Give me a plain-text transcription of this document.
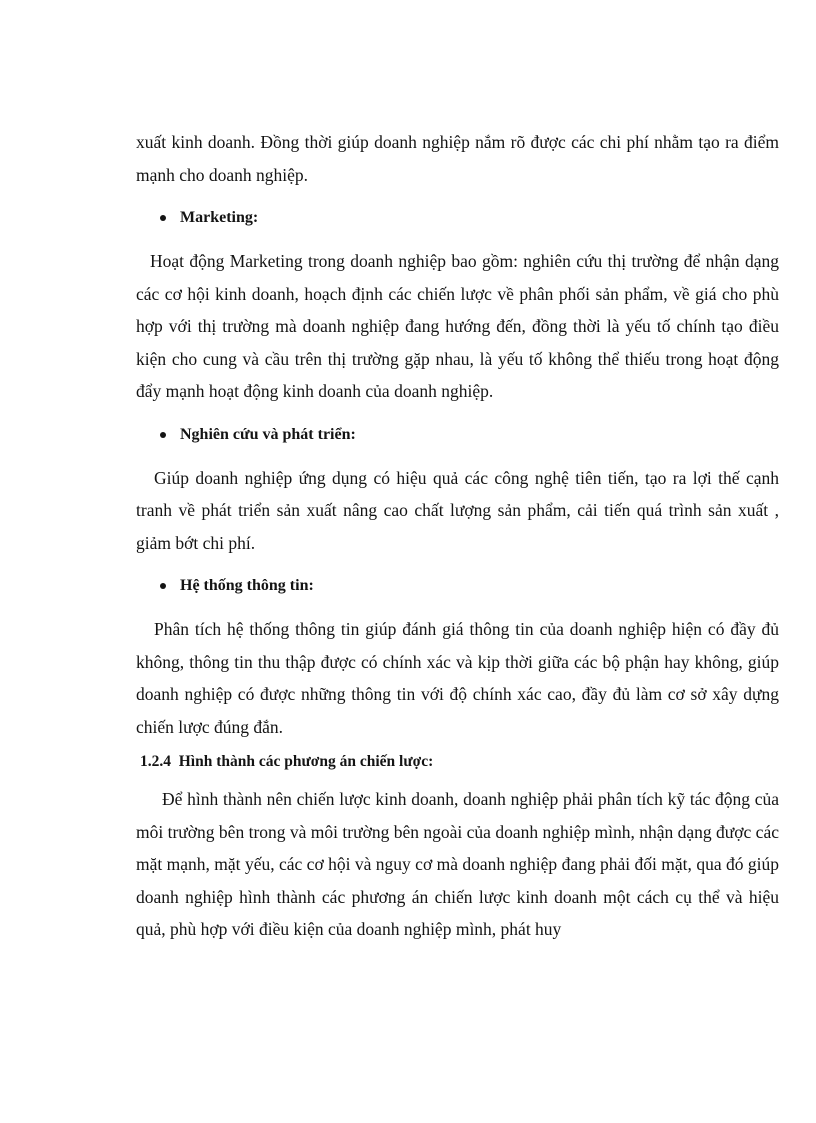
xuất kinh doanh. Đồng thời giúp doanh nghiệp nắm rõ được các chi phí nhằm tạo ra điểm mạnh cho doanh nghiệp.

Marketing:

Hoạt động Marketing trong doanh nghiệp bao gồm: nghiên cứu thị trường để nhận dạng các cơ hội kinh doanh, hoạch định các chiến lược về phân phối sản phẩm, về giá cho phù hợp với thị trường mà doanh nghiệp đang hướng đến, đồng thời là yếu tố chính tạo điều kiện cho cung và cầu trên thị trường gặp nhau, là yếu tố không thể thiếu trong hoạt động đẩy mạnh hoạt động kinh doanh của doanh nghiệp.

Nghiên cứu và phát triển:

Giúp doanh nghiệp ứng dụng có hiệu quả các công nghệ tiên tiến, tạo ra lợi thế cạnh tranh về phát triển sản xuất nâng cao chất lượng sản phẩm, cải tiến quá trình sản xuất , giảm bớt chi phí.

Hệ thống thông tin:

Phân tích hệ thống thông tin giúp đánh giá thông tin của doanh nghiệp hiện có đầy đủ không, thông tin thu thập được có chính xác và kịp thời giữa các bộ phận hay không, giúp doanh nghiệp có được những thông tin với độ chính xác cao, đầy đủ làm cơ sở xây dựng chiến lược đúng đắn.

1.2.4 Hình thành các phương án chiến lược:

Để hình thành nên chiến lược kinh doanh, doanh nghiệp phải phân tích kỹ tác động của môi trường bên trong và môi trường bên ngoài của doanh nghiệp mình, nhận dạng được các mặt mạnh, mặt yếu, các cơ hội và nguy cơ mà doanh nghiệp đang phải đối mặt, qua đó giúp doanh nghiệp hình thành các phương án chiến lược kinh doanh một cách cụ thể và hiệu quả, phù hợp với điều kiện của doanh nghiệp mình, phát huy
